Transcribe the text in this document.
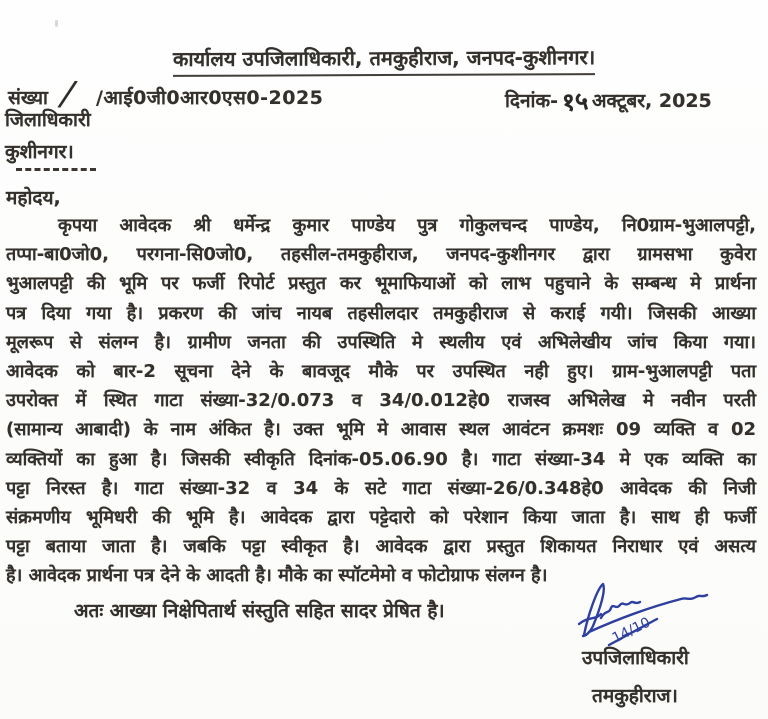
कार्यालय उपजिलाधिकारी, तमकुहीराज, जनपद-कुशीनगर।
संख्या / /आई0जी0आर0एस0-2025	दिनांक- १५ अक्टूबर, 2025
जिलाधिकारी
कुशीनगर।
महोदय,
कृपया आवेदक श्री धर्मेन्द्र कुमार पाण्डेय पुत्र गोकुलचन्द पाण्डेय, नि0ग्राम-भुआलपट्टी,
तप्पा-बा0जो0, परगना-सि0जो0, तहसील-तमकुहीराज, जनपद-कुशीनगर द्वारा ग्रामसभा कुवेरा
भुआलपट्टी की भूमि पर फर्जी रिपोर्ट प्रस्तुत कर भूमाफियाओं को लाभ पहुचाने के सम्बन्ध मे प्रार्थना
पत्र दिया गया है। प्रकरण की जांच नायब तहसीलदार तमकुहीराज से कराई गयी। जिसकी आख्या
मूलरूप से संलग्न है। ग्रामीण जनता की उपस्थिति मे स्थलीय एवं अभिलेखीय जांच किया गया।
आवेदक को बार-2 सूचना देने के बावजूद मौके पर उपस्थित नही हुए। ग्राम-भुआलपट्टी पता
उपरोक्त में स्थित गाटा संख्या-32/0.073 व 34/0.012हे0 राजस्व अभिलेख मे नवीन परती
(सामान्य आबादी) के नाम अंकित है। उक्त भूमि मे आवास स्थल आवंटन क्रमशः 09 व्यक्ति व 02
व्यक्तियों का हुआ है। जिसकी स्वीकृति दिनांक-05.06.90 है। गाटा संख्या-34 मे एक व्यक्ति का
पट्टा निरस्त है। गाटा संख्या-32 व 34 के सटे गाटा संख्या-26/0.348हे0 आवेदक की निजी
संक्रमणीय भूमिधरी की भूमि है। आवेदक द्वारा पट्टेदारो को परेशान किया जाता है। साथ ही फर्जी
पट्टा बताया जाता है। जबकि पट्टा स्वीकृत है। आवेदक द्वारा प्रस्तुत शिकायत निराधार एवं असत्य
है। आवेदक प्रार्थना पत्र देने के आदती है। मौके का स्पॉटमेमो व फोटोग्राफ संलग्न है।
अतः आख्या निक्षेपितार्थ संस्तुति सहित सादर प्रेषित है।
14/10
उपजिलाधिकारी
तमकुहीराज।
